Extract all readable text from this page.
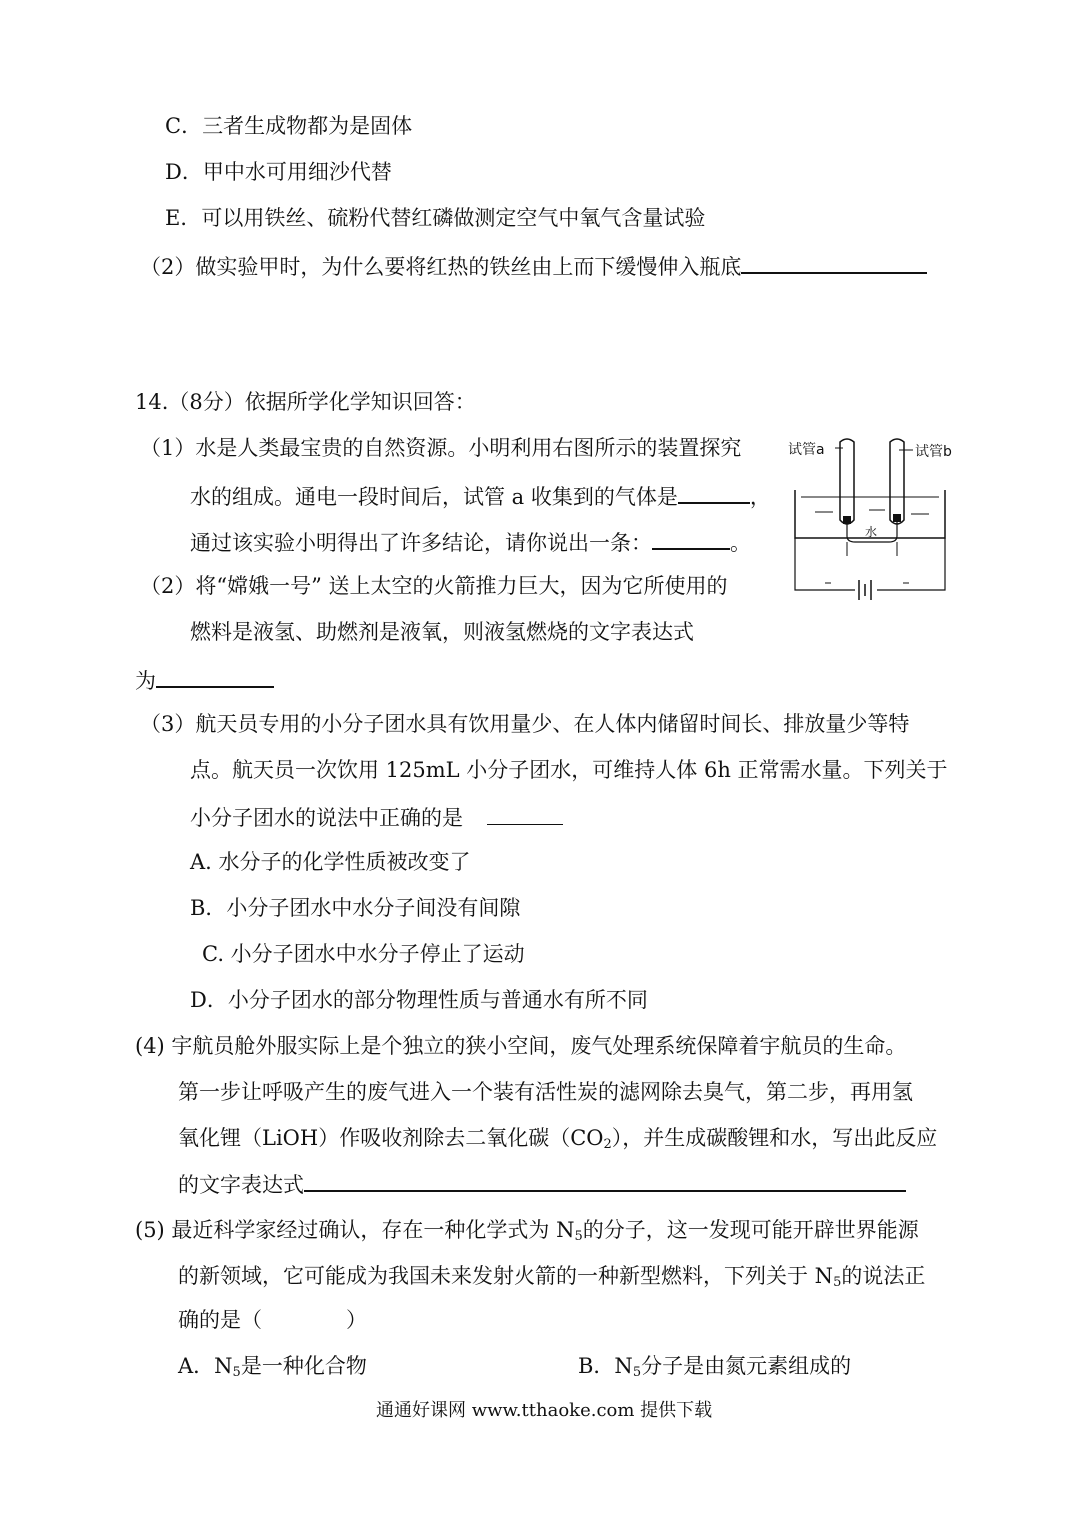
C．三者生成物都为是固体
D．甲中水可用细沙代替
E．可以用铁丝、硫粉代替红磷做测定空气中氧气含量试验
（2）做实验甲时，为什么要将红热的铁丝由上而下缓慢伸入瓶底
14.（8分）依据所学化学知识回答：
（1）水是人类最宝贵的自然资源。小明利用右图所示的装置探究
水的组成。通电一段时间后，试管 a 收集到的气体是	，
通过该实验小明得出了许多结论，请你说出一条：	。
试管a	试管b
水
（2）将“嫦娥一号” 送上太空的火箭推力巨大，因为它所使用的
燃料是液氢、助燃剂是液氧，则液氢燃烧的文字表达式
为
（3）航天员专用的小分子团水具有饮用量少、在人体内储留时间长、排放量少等特
点。航天员一次饮用 125mL 小分子团水，可维持人体 6h 正常需水量。下列关于
小分子团水的说法中正确的是
A. 水分子的化学性质被改变了
B．小分子团水中水分子间没有间隙
C. 小分子团水中水分子停止了运动
D．小分子团水的部分物理性质与普通水有所不同
(4) 宇航员舱外服实际上是个独立的狭小空间，废气处理系统保障着宇航员的生命。
第一步让呼吸产生的废气进入一个装有活性炭的滤网除去臭气，第二步，再用氢
氧化锂（LiOH）作吸收剂除去二氧化碳$(CO_2)$，并生成碳酸锂和水，写出此反应
的文字表达式
(5) 最近科学家经过确认，存在一种化学式为 $N_5$的分子，这一发现可能开辟世界能源
的新领域，它可能成为我国未来发射火箭的一种新型燃料，下列关于 $N_5$的说法正
确的是（　　　　）
A．$N_5$是一种化合物	B．$N_5$分子是由氮元素组成的
通通好课网 www.tthaoke.com 提供下载
